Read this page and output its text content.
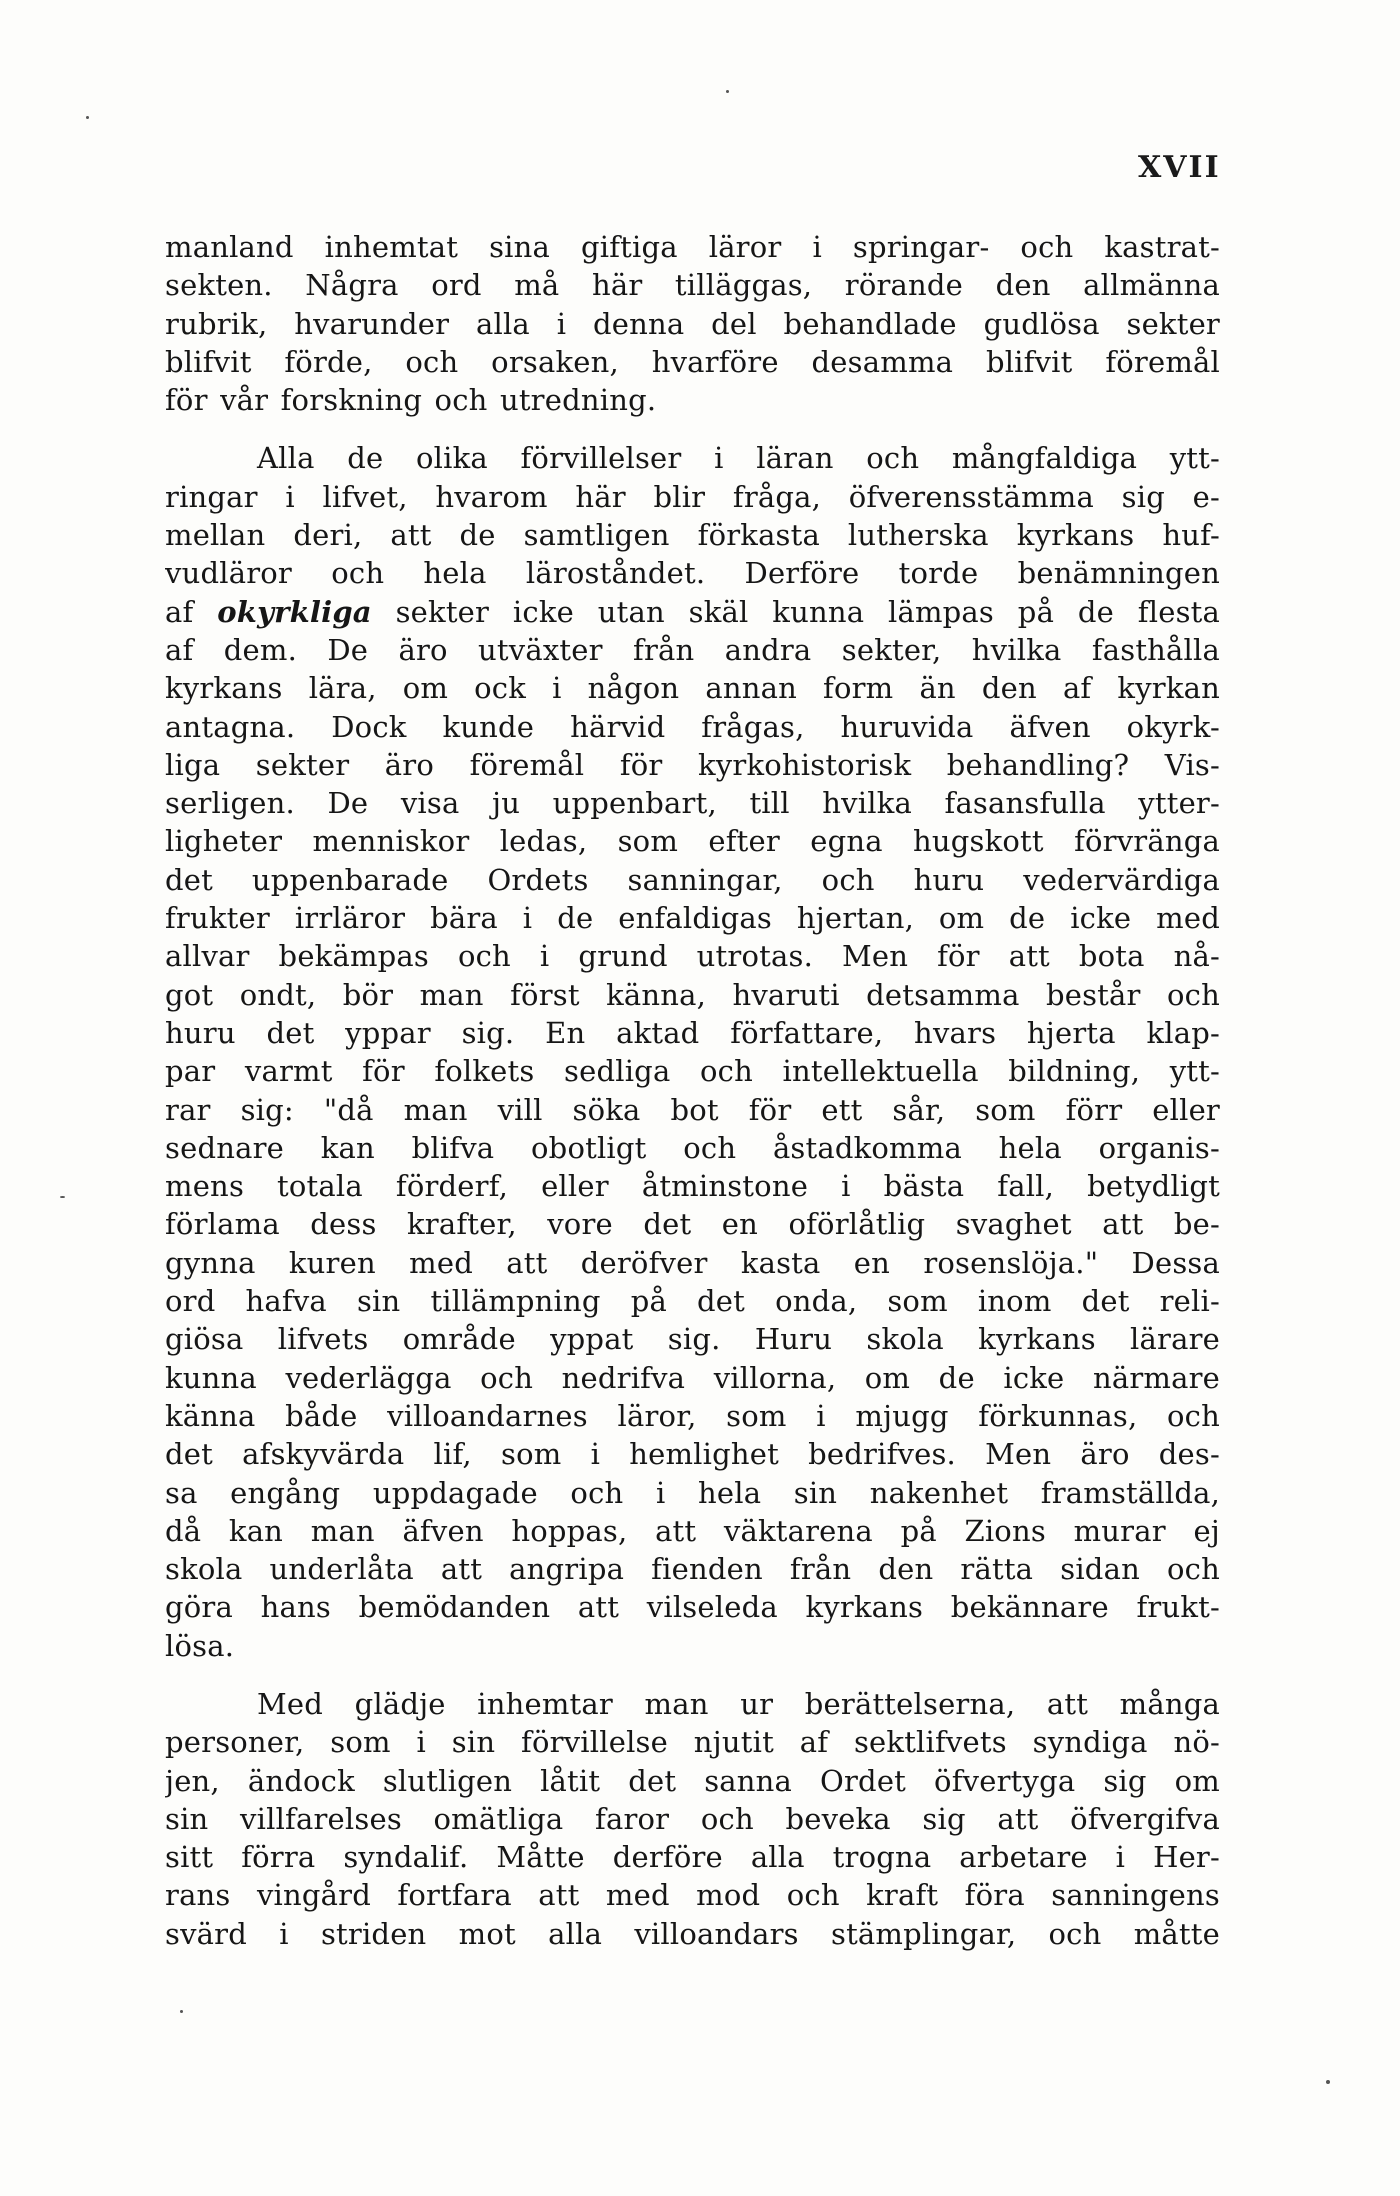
XVII
manland inhemtat sina giftiga läror i springar- och kastrat-
sekten. Några ord må här tilläggas, rörande den allmänna
rubrik, hvarunder alla i denna del behandlade gudlösa sekter
blifvit förde, och orsaken, hvarföre desamma blifvit föremål
för vår forskning och utredning.
Alla de olika förvillelser i läran och mångfaldiga ytt-
ringar i lifvet, hvarom här blir fråga, öfverensstämma sig e-
mellan deri, att de samtligen förkasta lutherska kyrkans huf-
vudläror och hela läroståndet. Derföre torde benämningen
af okyrkliga sekter icke utan skäl kunna lämpas på de flesta
af dem. De äro utväxter från andra sekter, hvilka fasthålla
kyrkans lära, om ock i någon annan form än den af kyrkan
antagna. Dock kunde härvid frågas, huruvida äfven okyrk-
liga sekter äro föremål för kyrkohistorisk behandling? Vis-
serligen. De visa ju uppenbart, till hvilka fasansfulla ytter-
ligheter menniskor ledas, som efter egna hugskott förvränga
det uppenbarade Ordets sanningar, och huru vedervärdiga
frukter irrläror bära i de enfaldigas hjertan, om de icke med
allvar bekämpas och i grund utrotas. Men för att bota nå-
got ondt, bör man först känna, hvaruti detsamma består och
huru det yppar sig. En aktad författare, hvars hjerta klap-
par varmt för folkets sedliga och intellektuella bildning, ytt-
rar sig: "då man vill söka bot för ett sår, som förr eller
sednare kan blifva obotligt och åstadkomma hela organis-
mens totala förderf, eller åtminstone i bästa fall, betydligt
förlama dess krafter, vore det en oförlåtlig svaghet att be-
gynna kuren med att deröfver kasta en rosenslöja." Dessa
ord hafva sin tillämpning på det onda, som inom det reli-
giösa lifvets område yppat sig. Huru skola kyrkans lärare
kunna vederlägga och nedrifva villorna, om de icke närmare
känna både villoandarnes läror, som i mjugg förkunnas, och
det afskyvärda lif, som i hemlighet bedrifves. Men äro des-
sa engång uppdagade och i hela sin nakenhet framställda,
då kan man äfven hoppas, att väktarena på Zions murar ej
skola underlåta att angripa fienden från den rätta sidan och
göra hans bemödanden att vilseleda kyrkans bekännare frukt-
lösa.
Med glädje inhemtar man ur berättelserna, att många
personer, som i sin förvillelse njutit af sektlifvets syndiga nö-
jen, ändock slutligen låtit det sanna Ordet öfvertyga sig om
sin villfarelses omätliga faror och beveka sig att öfvergifva
sitt förra syndalif. Måtte derföre alla trogna arbetare i Her-
rans vingård fortfara att med mod och kraft föra sanningens
svärd i striden mot alla villoandars stämplingar, och måtte
